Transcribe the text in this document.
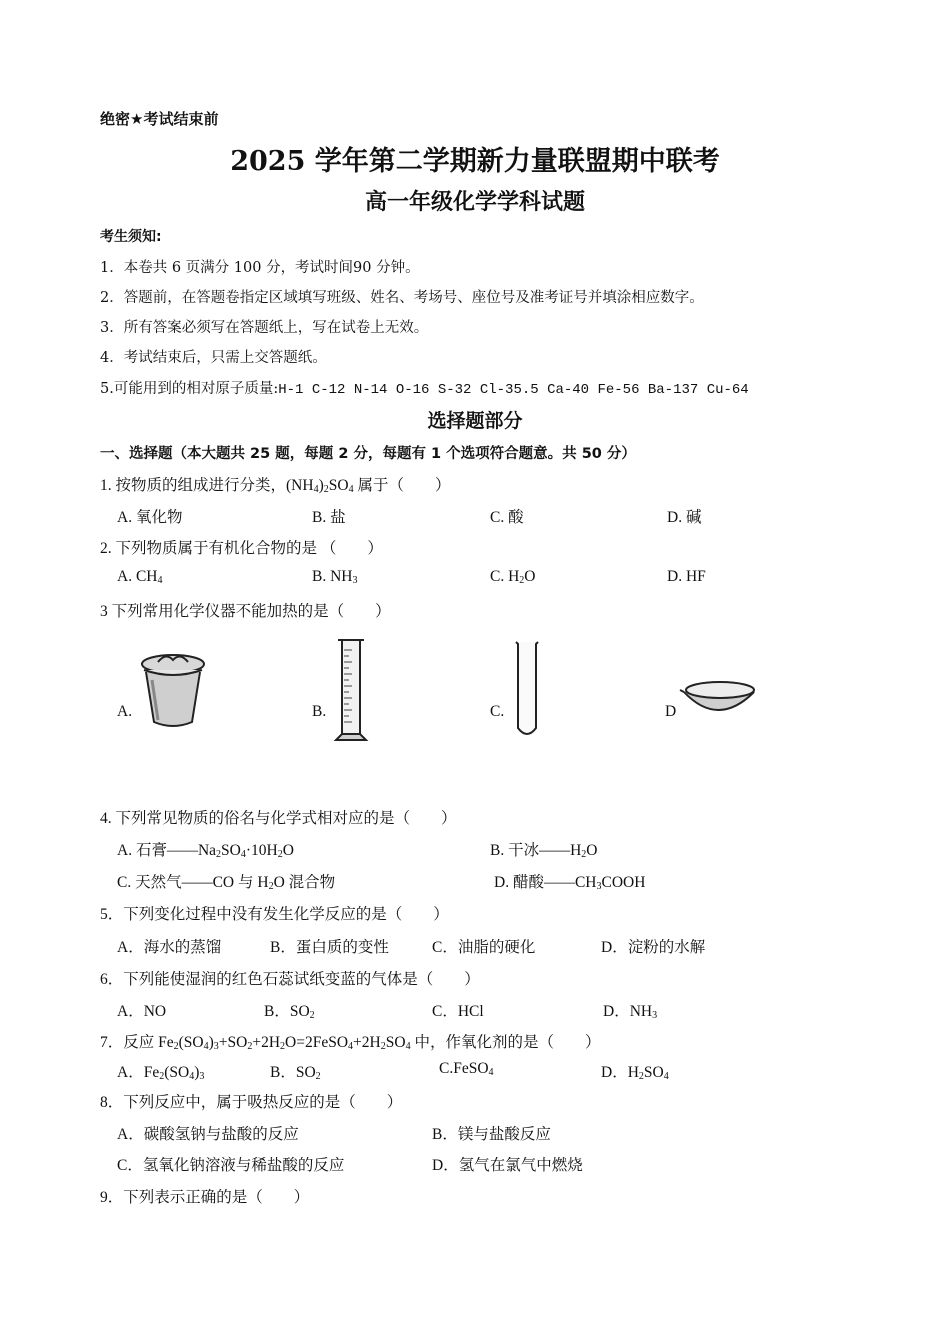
绝密★考试结束前
2025 学年第二学期新力量联盟期中联考
高一年级化学学科试题
考生须知:
1．本卷共 6 页满分 100 分，考试时间90 分钟。
2．答题前，在答题卷指定区域填写班级、姓名、考场号、座位号及准考证号并填涂相应数字。
3．所有答案必须写在答题纸上，写在试卷上无效。
4．考试结束后，只需上交答题纸。
5.可能用到的相对原子质量:H-1 C-12 N-14 O-16 S-32 Cl-35.5 Ca-40 Fe-56 Ba-137 Cu-64
选择题部分
一、选择题（本大题共 25 题，每题 2 分，每题有 1 个选项符合题意。共 50 分）
1. 按物质的组成进行分类，$(NH_4)_2SO_4$ 属于（　　）
A. 氧化物	B. 盐	C. 酸	D. 碱
2. 下列物质属于有机化合物的是 （　　）
A. $CH_4$	B. $NH_3$	C. $H_2O$	D. HF
3 下列常用化学仪器不能加热的是（　　）
A.	B.	C.	D
4. 下列常见物质的俗名与化学式相对应的是（　　）
A. 石膏$——Na_2SO_4\cdot 10H_2O$	B. 干冰$——H_2O$
C. 天然气——CO 与 $H_2O$ 混合物	D. 醋酸$——CH_3COOH$
5．下列变化过程中没有发生化学反应的是（　　）
A．海水的蒸馏	B．蛋白质的变性	C．油脂的硬化	D．淀粉的水解
6．下列能使湿润的红色石蕊试纸变蓝的气体是（　　）
A．NO	B．$SO_2$	C．HCl	D．$NH_3$
7．反应 $Fe_2(SO_4)_3+SO_2+2H_2O=2FeSO_4+2H_2SO_4$ 中，作氧化剂的是（　　）
A．$Fe_2(SO_4)_3$	B．$SO_2$	C.FeSO$_4$	D．$H_2SO_4$
8．下列反应中，属于吸热反应的是（　　）
A．碳酸氢钠与盐酸的反应	B．镁与盐酸反应
C．氢氧化钠溶液与稀盐酸的反应	D．氢气在氯气中燃烧
9．下列表示正确的是（　　）
